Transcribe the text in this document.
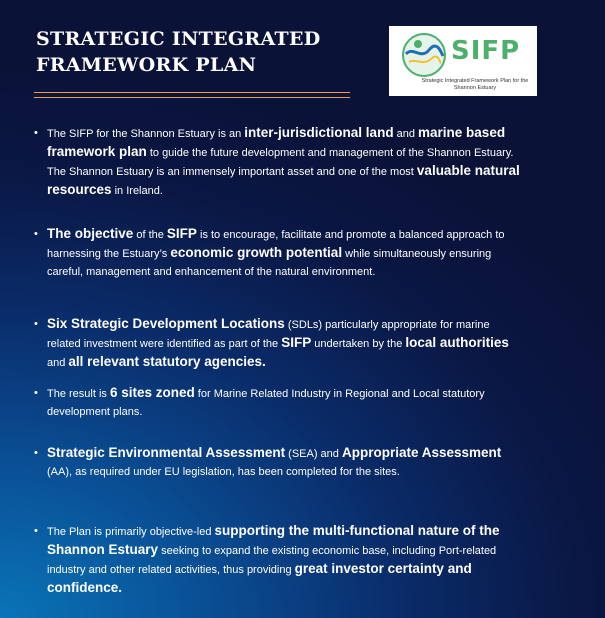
STRATEGIC INTEGRATED FRAMEWORK PLAN	SIFP
Strategic Integrated Framework Plan for the Shannon Estuary
• The SIFP for the Shannon Estuary is an inter-jurisdictional land and marine based framework plan to guide the future development and management of the Shannon Estuary. The Shannon Estuary is an immensely important asset and one of the most valuable natural resources in Ireland.
• The objective of the SIFP is to encourage, facilitate and promote a balanced approach to harnessing the Estuary’s economic growth potential while simultaneously ensuring careful, management and enhancement of the natural environment.
• Six Strategic Development Locations (SDLs) particularly appropriate for marine related investment were identified as part of the SIFP undertaken by the local authorities and all relevant statutory agencies.
• The result is 6 sites zoned for Marine Related Industry in Regional and Local statutory development plans.
• Strategic Environmental Assessment (SEA) and Appropriate Assessment (AA), as required under EU legislation, has been completed for the sites.
• The Plan is primarily objective-led supporting the multi-functional nature of the Shannon Estuary seeking to expand the existing economic base, including Port-related industry and other related activities, thus providing great investor certainty and confidence.
